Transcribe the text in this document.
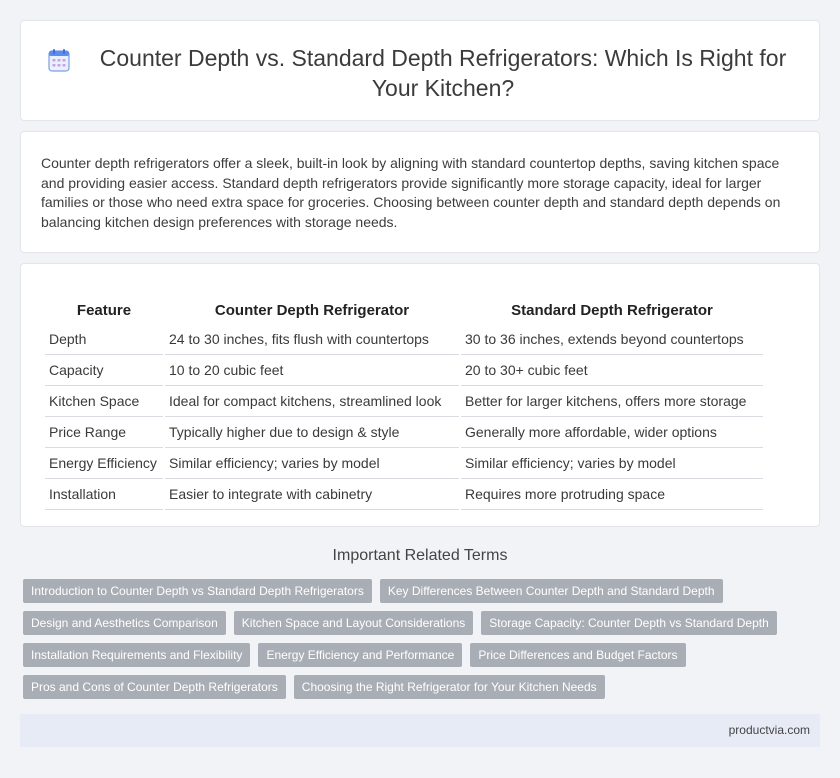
Counter Depth vs. Standard Depth Refrigerators: Which Is Right for Your Kitchen?
Counter depth refrigerators offer a sleek, built-in look by aligning with standard countertop depths, saving kitchen space and providing easier access. Standard depth refrigerators provide significantly more storage capacity, ideal for larger families or those who need extra space for groceries. Choosing between counter depth and standard depth depends on balancing kitchen design preferences with storage needs.
Feature	Counter Depth Refrigerator	Standard Depth Refrigerator
Depth	24 to 30 inches, fits flush with countertops	30 to 36 inches, extends beyond countertops
Capacity	10 to 20 cubic feet	20 to 30+ cubic feet
Kitchen Space	Ideal for compact kitchens, streamlined look	Better for larger kitchens, offers more storage
Price Range	Typically higher due to design & style	Generally more affordable, wider options
Energy Efficiency	Similar efficiency; varies by model	Similar efficiency; varies by model
Installation	Easier to integrate with cabinetry	Requires more protruding space
Important Related Terms
Introduction to Counter Depth vs Standard Depth Refrigerators	Key Differences Between Counter Depth and Standard Depth
Design and Aesthetics Comparison	Kitchen Space and Layout Considerations	Storage Capacity: Counter Depth vs Standard Depth
Installation Requirements and Flexibility	Energy Efficiency and Performance	Price Differences and Budget Factors
Pros and Cons of Counter Depth Refrigerators	Choosing the Right Refrigerator for Your Kitchen Needs
productvia.com
